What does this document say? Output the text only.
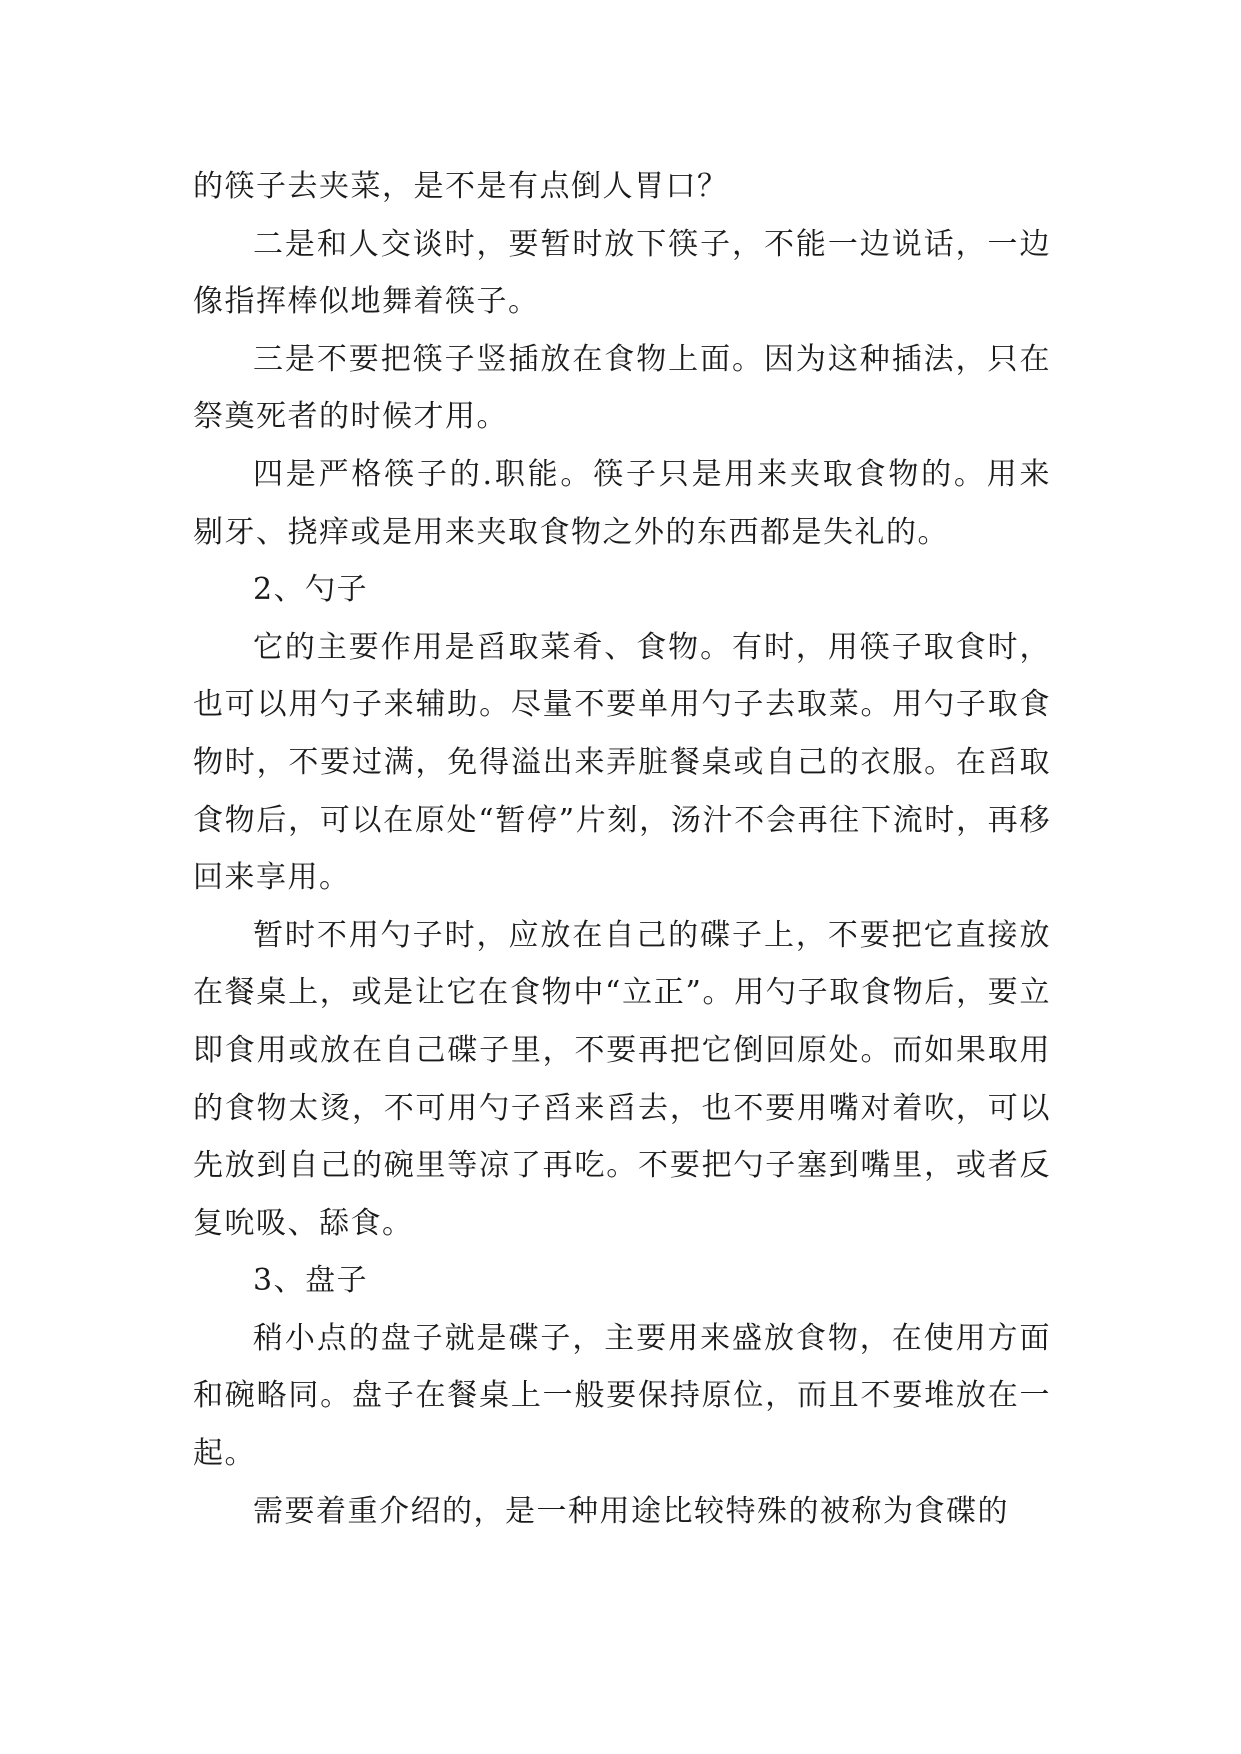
的筷子去夹菜，是不是有点倒人胃口？

二是和人交谈时，要暂时放下筷子，不能一边说话，一边像指挥棒似地舞着筷子。

三是不要把筷子竖插放在食物上面。因为这种插法，只在祭奠死者的时候才用。

四是严格筷子的.职能。筷子只是用来夹取食物的。用来剔牙、挠痒或是用来夹取食物之外的东西都是失礼的。

2、勺子

它的主要作用是舀取菜肴、食物。有时，用筷子取食时，也可以用勺子来辅助。尽量不要单用勺子去取菜。用勺子取食物时，不要过满，免得溢出来弄脏餐桌或自己的衣服。在舀取食物后，可以在原处“暂停”片刻，汤汁不会再往下流时，再移回来享用。

暂时不用勺子时，应放在自己的碟子上，不要把它直接放在餐桌上，或是让它在食物中“立正”。用勺子取食物后，要立即食用或放在自己碟子里，不要再把它倒回原处。而如果取用的食物太烫，不可用勺子舀来舀去，也不要用嘴对着吹，可以先放到自己的碗里等凉了再吃。不要把勺子塞到嘴里，或者反复吮吸、舔食。

3、盘子

稍小点的盘子就是碟子，主要用来盛放食物，在使用方面和碗略同。盘子在餐桌上一般要保持原位，而且不要堆放在一起。

需要着重介绍的，是一种用途比较特殊的被称为食碟的
